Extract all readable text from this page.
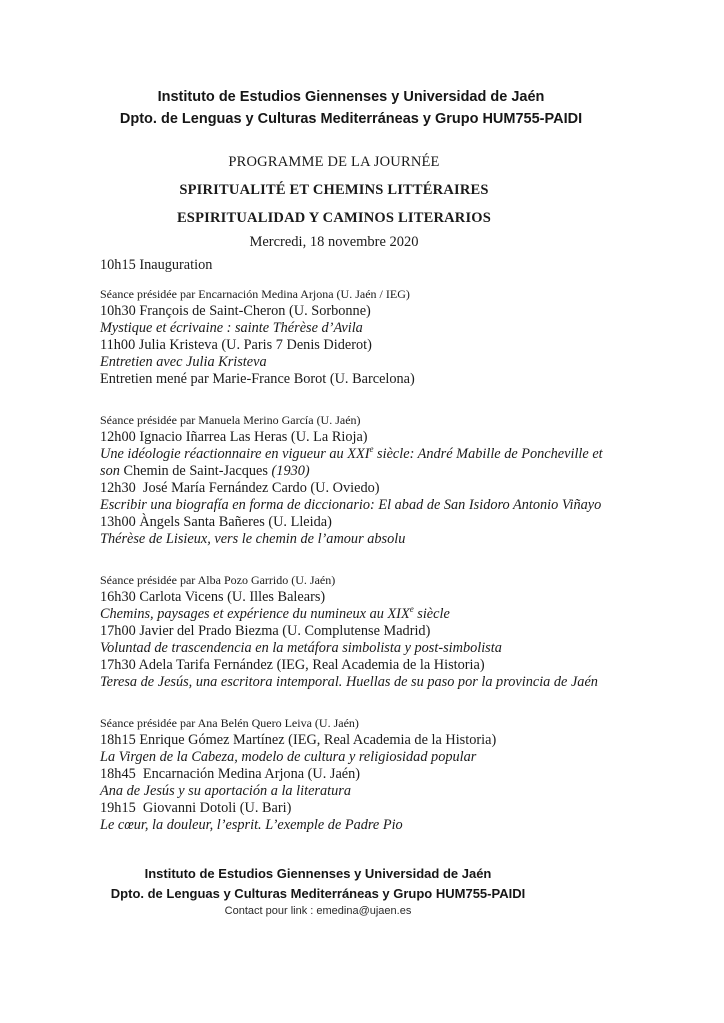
Instituto de Estudios Giennenses y Universidad de Jaén
Dpto. de Lenguas y Culturas Mediterráneas y Grupo HUM755-PAIDI

PROGRAMME DE LA JOURNÉE

SPIRITUALITÉ ET CHEMINS LITTÉRAIRES

ESPIRITUALIDAD Y CAMINOS LITERARIOS

Mercredi, 18 novembre 2020

10h15 Inauguration

Séance présidée par Encarnación Medina Arjona (U. Jaén / IEG)

10h30 François de Saint-Cheron (U. Sorbonne)

Mystique et écrivaine : sainte Thérèse d’Avila

11h00 Julia Kristeva (U. Paris 7 Denis Diderot)

Entretien avec Julia Kristeva

Entretien mené par Marie-France Borot (U. Barcelona)

Séance présidée par Manuela Merino García (U. Jaén)

12h00 Ignacio Iñarrea Las Heras (U. La Rioja)

Une idéologie réactionnaire en vigueur au XXIe siècle: André Mabille de Poncheville et

son Chemin de Saint-Jacques (1930)

12h30  José María Fernández Cardo (U. Oviedo)

Escribir una biografía en forma de diccionario: El abad de San Isidoro Antonio Viñayo

13h00 Àngels Santa Bañeres (U. Lleida)

Thérèse de Lisieux, vers le chemin de l’amour absolu

Séance présidée par Alba Pozo Garrido (U. Jaén)

16h30 Carlota Vicens (U. Illes Balears)

Chemins, paysages et expérience du numineux au XIXe siècle

17h00 Javier del Prado Biezma (U. Complutense Madrid)

Voluntad de trascendencia en la metáfora simbolista y post-simbolista

17h30 Adela Tarifa Fernández (IEG, Real Academia de la Historia)

Teresa de Jesús, una escritora intemporal. Huellas de su paso por la provincia de Jaén

Séance présidée par Ana Belén Quero Leiva (U. Jaén)

18h15 Enrique Gómez Martínez (IEG, Real Academia de la Historia)

La Virgen de la Cabeza, modelo de cultura y religiosidad popular

18h45  Encarnación Medina Arjona (U. Jaén)

Ana de Jesús y su aportación a la literatura

19h15  Giovanni Dotoli (U. Bari)

Le cœur, la douleur, l’esprit. L’exemple de Padre Pio

Instituto de Estudios Giennenses y Universidad de Jaén

Dpto. de Lenguas y Culturas Mediterráneas y Grupo HUM755-PAIDI

Contact pour link : emedina@ujaen.es
